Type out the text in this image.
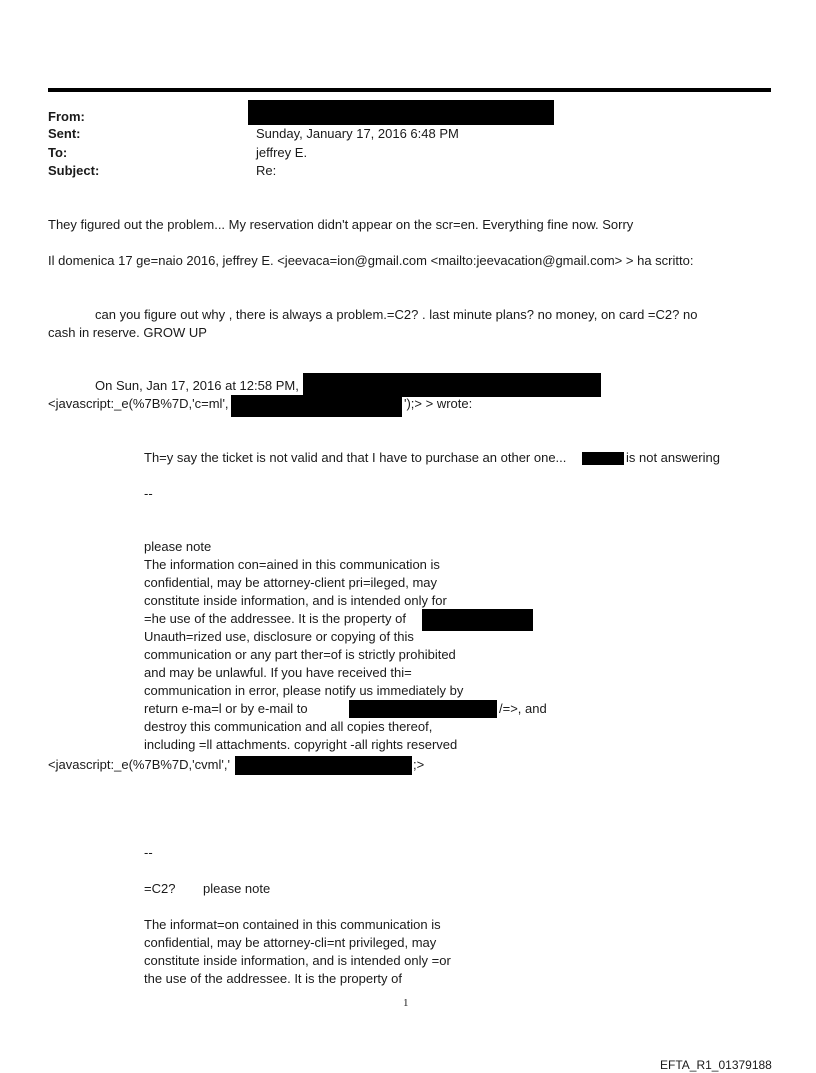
From:
Sent:	Sunday, January 17, 2016 6:48 PM
To:	jeffrey E.
Subject:	Re:
They figured out the problem... My reservation didn't appear on the scr=en. Everything fine now. Sorry
Il domenica 17 ge=naio 2016, jeffrey E. <jeevaca=ion@gmail.com <mailto:jeevacation@gmail.com> > ha scritto:
can you figure out why , there is always a problem.=C2? . last minute plans? no money, on card =C2? no
cash in reserve. GROW UP
On Sun, Jan 17, 2016 at 12:58 PM,
<javascript:_e(%7B%7D,'c=ml',	');> > wrote:
Th=y say the ticket is not valid and that I have to purchase an other one...	is not answering
--
please note
The information con=ained in this communication is
confidential, may be attorney-client pri=ileged, may
constitute inside information, and is intended only for
=he use of the addressee. It is the property of
Unauth=rized use, disclosure or copying of this
communication or any part ther=of is strictly prohibited
and may be unlawful. If you have received thi=
communication in error, please notify us immediately by
return e-ma=l or by e-mail to	/=>, and
destroy this communication and all copies thereof,
including =ll attachments. copyright -all rights reserved
<javascript:_e(%7B%7D,'cvml','	;>
--
=C2? please note
The informat=on contained in this communication is
confidential, may be attorney-cli=nt privileged, may
constitute inside information, and is intended only =or
the use of the addressee. It is the property of
1
EFTA_R1_01379188
